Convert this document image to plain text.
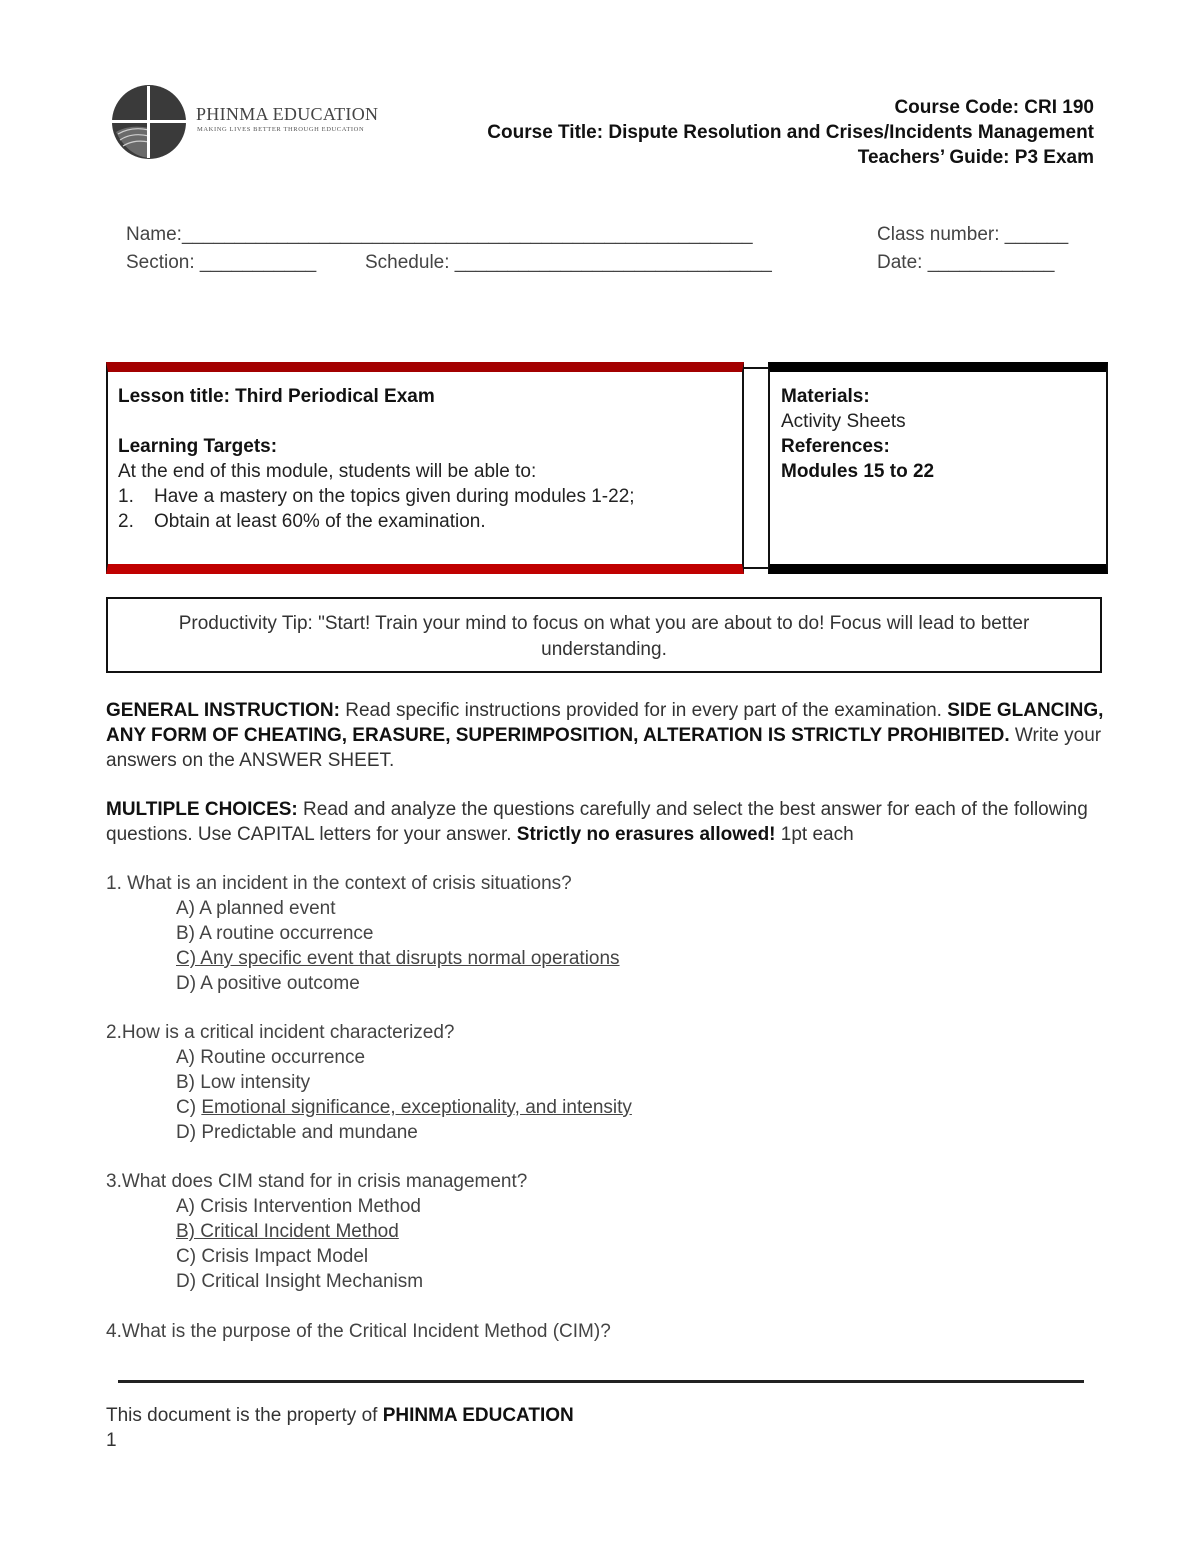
PHINMA EDUCATION
MAKING LIVES BETTER THROUGH EDUCATION
Course Code: CRI 190
Course Title: Dispute Resolution and Crises/Incidents Management
Teachers’ Guide: P3 Exam
Name:______________________________________________________	Class number: ______
Section: ___________	Schedule: ______________________________	Date: ____________
Lesson title: Third Periodical Exam
Learning Targets:
At the end of this module, students will be able to:
1.	Have a mastery on the topics given during modules 1-22;
2.	Obtain at least 60% of the examination.
Materials:
Activity Sheets
References:
Modules 15 to 22
Productivity Tip: "Start! Train your mind to focus on what you are about to do! Focus will lead to better understanding.
GENERAL INSTRUCTION: Read specific instructions provided for in every part of the examination. SIDE GLANCING, ANY FORM OF CHEATING, ERASURE, SUPERIMPOSITION, ALTERATION IS STRICTLY PROHIBITED. Write your answers on the ANSWER SHEET.
MULTIPLE CHOICES: Read and analyze the questions carefully and select the best answer for each of the following questions. Use CAPITAL letters for your answer. Strictly no erasures allowed! 1pt each
1. What is an incident in the context of crisis situations?
A) A planned event
B) A routine occurrence
C) Any specific event that disrupts normal operations
D) A positive outcome
2.How is a critical incident characterized?
A) Routine occurrence
B) Low intensity
C) Emotional significance, exceptionality, and intensity
D) Predictable and mundane
3.What does CIM stand for in crisis management?
A) Crisis Intervention Method
B) Critical Incident Method
C) Crisis Impact Model
D) Critical Insight Mechanism
4.What is the purpose of the Critical Incident Method (CIM)?
This document is the property of PHINMA EDUCATION
1
